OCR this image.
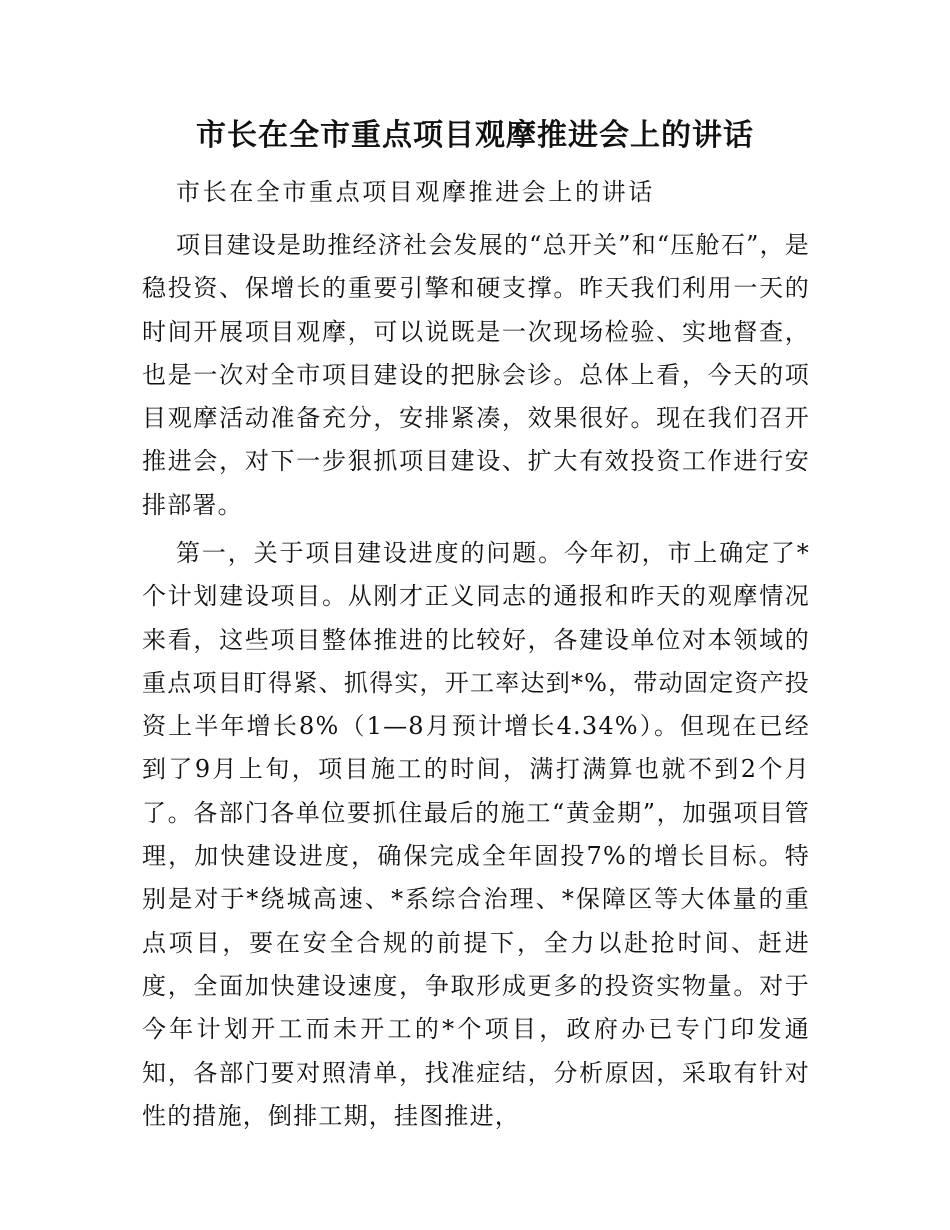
市长在全市重点项目观摩推进会上的讲话
市长在全市重点项目观摩推进会上的讲话

项目建设是助推经济社会发展的“总开关”和“压舱石”，是稳投资、保增长的重要引擎和硬支撑。昨天我们利用一天的时间开展项目观摩，可以说既是一次现场检验、实地督查，也是一次对全市项目建设的把脉会诊。总体上看，今天的项目观摩活动准备充分，安排紧凑，效果很好。现在我们召开推进会，对下一步狠抓项目建设、扩大有效投资工作进行安排部署。

第一，关于项目建设进度的问题。今年初，市上确定了*个计划建设项目。从刚才正义同志的通报和昨天的观摩情况来看，这些项目整体推进的比较好，各建设单位对本领域的重点项目盯得紧、抓得实，开工率达到*%，带动固定资产投资上半年增长8%（1—8月预计增长4.34%）。但现在已经到了9月上旬，项目施工的时间，满打满算也就不到2个月了。各部门各单位要抓住最后的施工“黄金期”，加强项目管理，加快建设进度，确保完成全年固投7%的增长目标。特别是对于*绕城高速、*系综合治理、*保障区等大体量的重点项目，要在安全合规的前提下，全力以赴抢时间、赶进度，全面加快建设速度，争取形成更多的投资实物量。对于今年计划开工而未开工的*个项目，政府办已专门印发通知，各部门要对照清单，找准症结，分析原因，采取有针对性的措施，倒排工期，挂图推进，
